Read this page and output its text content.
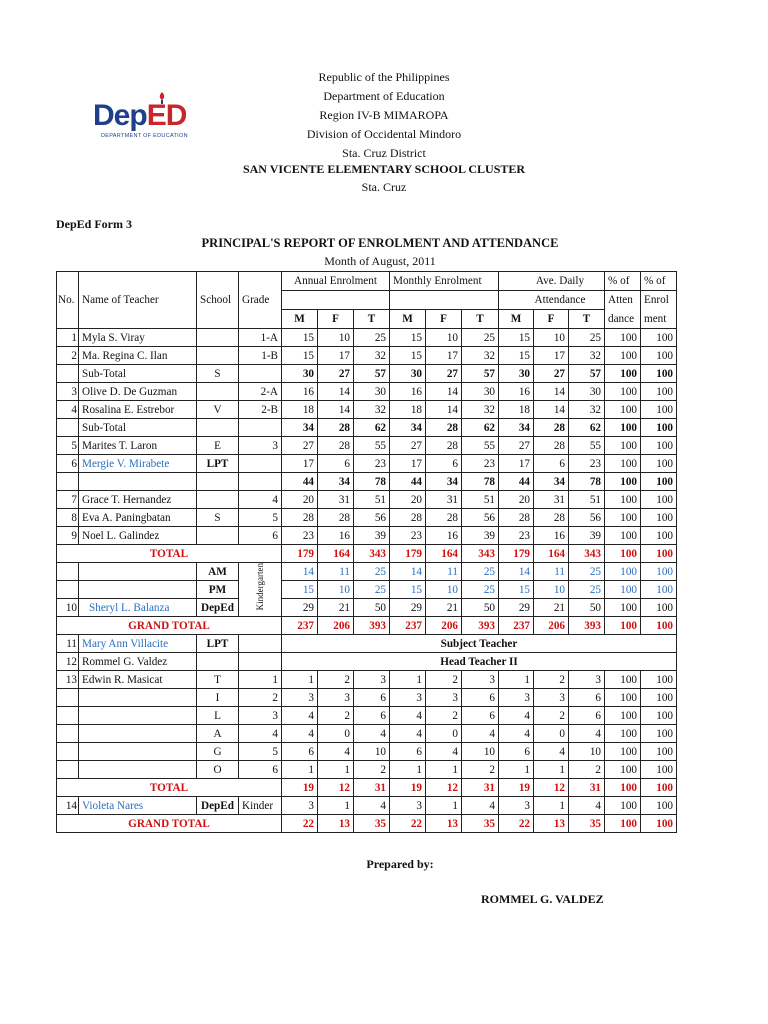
Republic of the Philippines
Department of Education
Region IV-B MIMAROPA
Division of Occidental Mindoro
Sta. Cruz District
SAN VICENTE ELEMENTARY SCHOOL CLUSTER
Sta. Cruz
DepED
DEPARTMENT OF EDUCATION
DepEd Form 3
PRINCIPAL'S REPORT OF ENROLMENT AND ATTENDANCE
Month of August, 2011
				Annual Enrolment			Monthly Enrolment			Ave. Daily			% of	% of
No.	Name of Teacher	School	Grade							Attendance			Atten	Enrol
				M	F	T	M	F	T	M	F	T	dance	ment
1	Myla S. Viray		1-A	15	10	25	15	10	25	15	10	25	100	100
2	Ma. Regina C. Ilan		1-B	15	17	32	15	17	32	15	17	32	100	100
	Sub-Total	S		30	27	57	30	27	57	30	27	57	100	100
3	Olive D. De Guzman		2-A	16	14	30	16	14	30	16	14	30	100	100
4	Rosalina E. Estrebor	V	2-B	18	14	32	18	14	32	18	14	32	100	100
	Sub-Total			34	28	62	34	28	62	34	28	62	100	100
5	Marites T. Laron	E	3	27	28	55	27	28	55	27	28	55	100	100
6	Mergie V. Mirabete	LPT		17	6	23	17	6	23	17	6	23	100	100
				44	34	78	44	34	78	44	34	78	100	100
7	Grace T. Hernandez		4	20	31	51	20	31	51	20	31	51	100	100
8	Eva A. Paningbatan	S	5	28	28	56	28	28	56	28	28	56	100	100
9	Noel L. Galindez		6	23	16	39	23	16	39	23	16	39	100	100
TOTAL				179	164	343	179	164	343	179	164	343	100	100
		AM	Kindergarten	14	11	25	14	11	25	14	11	25	100	100
		PM		15	10	25	15	10	25	15	10	25	100	100
10	Sheryl L. Balanza	DepEd		29	21	50	29	21	50	29	21	50	100	100
GRAND TOTAL				237	206	393	237	206	393	237	206	393	100	100
11	Mary Ann Villacite	LPT		Subject Teacher										
12	Rommel G. Valdez			Head Teacher II										
13	Edwin R. Masicat	T	1	1	2	3	1	2	3	1	2	3	100	100
		I	2	3	3	6	3	3	6	3	3	6	100	100
		L	3	4	2	6	4	2	6	4	2	6	100	100
		A	4	4	0	4	4	0	4	4	0	4	100	100
		G	5	6	4	10	6	4	10	6	4	10	100	100
		O	6	1	1	2	1	1	2	1	1	2	100	100
TOTAL				19	12	31	19	12	31	19	12	31	100	100
14	Violeta Nares	DepEd	Kinder	3	1	4	3	1	4	3	1	4	100	100
GRAND TOTAL				22	13	35	22	13	35	22	13	35	100	100
Prepared by:
ROMMEL G. VALDEZ
